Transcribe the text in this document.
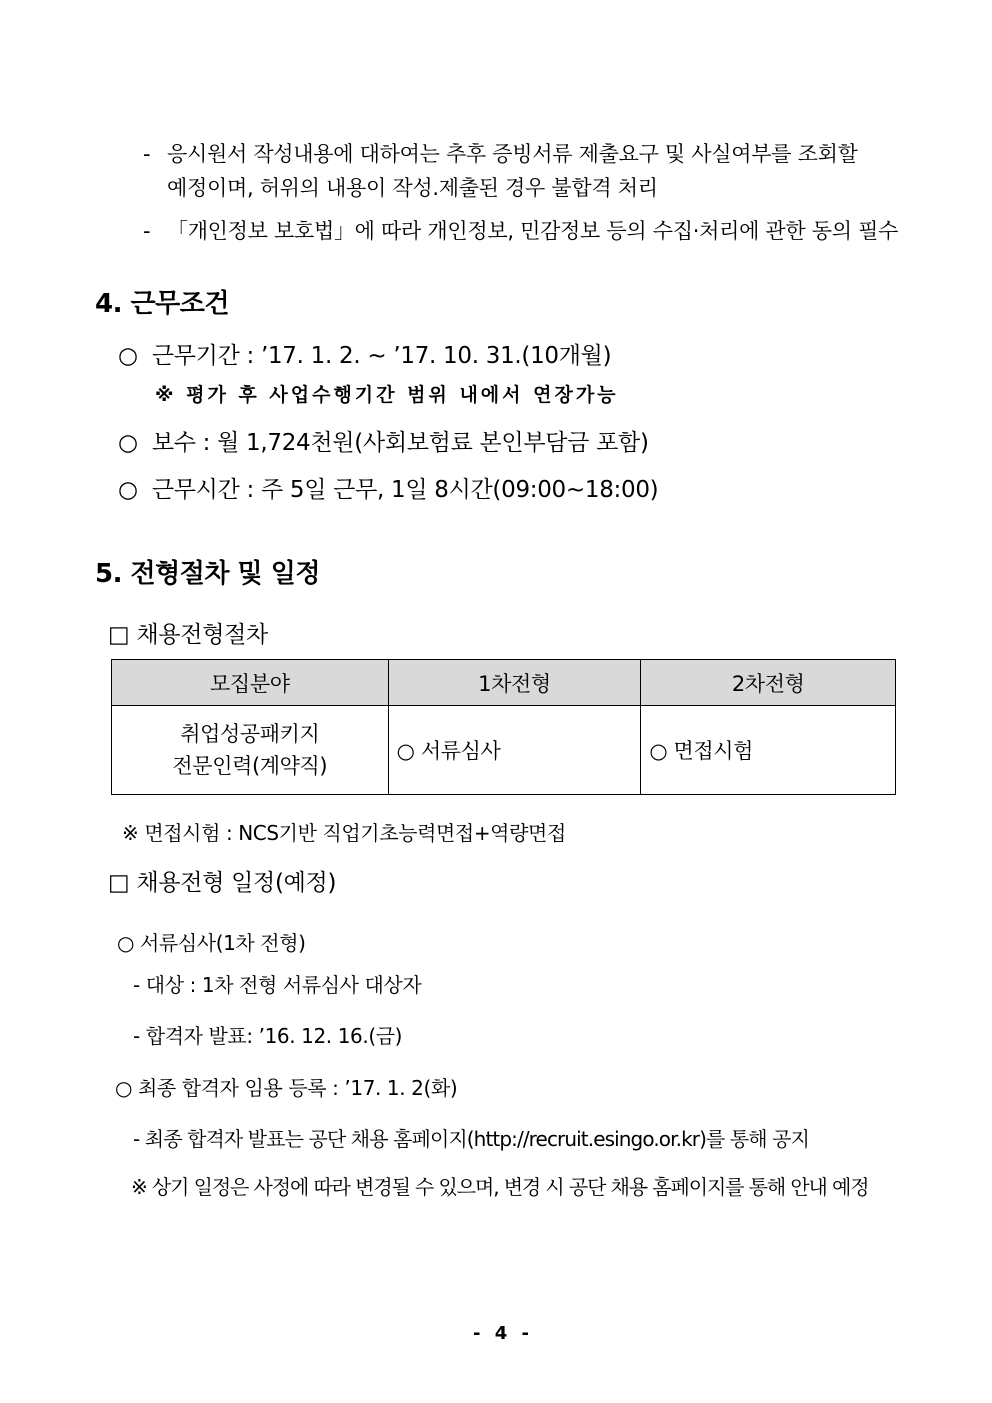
- 응시원서 작성내용에 대하여는 추후 증빙서류 제출요구 및 사실여부를 조회할
예정이며, 허위의 내용이 작성.제출된 경우 불합격 처리
- 「개인정보 보호법」에 따라 개인정보, 민감정보 등의 수집·처리에 관한 동의 필수
4. 근무조건
○ 근무기간 : ’17. 1. 2. ~ ’17. 10. 31.(10개월)
※ 평가 후 사업수행기간 범위 내에서 연장가능
○ 보수 : 월 1,724천원(사회보험료 본인부담금 포함)
○ 근무시간 : 주 5일 근무, 1일 8시간(09:00~18:00)
5. 전형절차 및 일정
□ 채용전형절차
모집분야	1차전형	2차전형

취업성공패키지
전문인력(계약직)	○ 서류심사	○ 면접시험
※ 면접시험 : NCS기반 직업기초능력면접+역량면접
□ 채용전형 일정(예정)
○ 서류심사(1차 전형)
- 대상 : 1차 전형 서류심사 대상자
- 합격자 발표: ’16. 12. 16.(금)
○ 최종 합격자 임용 등록 : ’17. 1. 2(화)
- 최종 합격자 발표는 공단 채용 홈페이지(http://recruit.esingo.or.kr)를 통해 공지
※ 상기 일정은 사정에 따라 변경될 수 있으며, 변경 시 공단 채용 홈페이지를 통해 안내 예정
- 4 -
